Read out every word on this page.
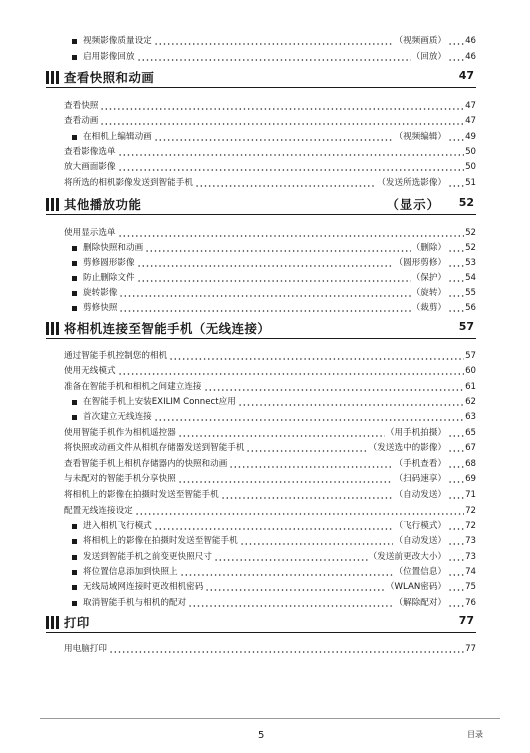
视频影像质量设定	（ 视频画质 ） 46
启用影像回放	（ 回放 ） 46
查看快照和动画	47
查看快照	47
查看动画	47
在相机上编辑动画	（ 视频编辑 ） 49
查看影像选单	50
放大画面影像	50
将所选的相机影像发送到智能手机	（ 发送所选影像 ） 51
其他播放功能	（显示） 52
使用显示选单	52
删除快照和动画	（ 删除 ） 52
剪修圆形影像	（ 圆形剪修 ） 53
防止删除文件	（ 保护 ） 54
旋转影像	（ 旋转 ） 55
剪修快照	（ 裁剪 ） 56
将相机连接至智能手机（无线连接）	57
通过智能手机控制您的相机	57
使用无线模式	60
准备在智能手机和相机之间建立连接	61
在智能手机上安装EXILIM Connect应用	62
首次建立无线连接	63
使用智能手机作为相机遥控器	（ 用手机拍摄 ） 65
将快照或动画文件从相机存储器发送到智能手机	（ 发送选中的影像 ） 67
查看智能手机上相机存储器内的快照和动画	（ 手机查看 ） 68
与未配对的智能手机分享快照	（ 扫码速享 ） 69
将相机上的影像在拍摄时发送至智能手机	（ 自动发送 ） 71
配置无线连接设定	72
进入相机飞行模式	（ 飞行模式 ） 72
将相机上的影像在拍摄时发送至智能手机	（ 自动发送 ） 73
发送到智能手机之前变更快照尺寸	（ 发送前更改大小 ） 73
将位置信息添加到快照上	（ 位置信息 ） 74
无线局域网连接时更改相机密码	（ WLAN密码 ） 75
取消智能手机与相机的配对	（ 解除配对 ） 76
打印	77
用电脑打印	77
5	目录
